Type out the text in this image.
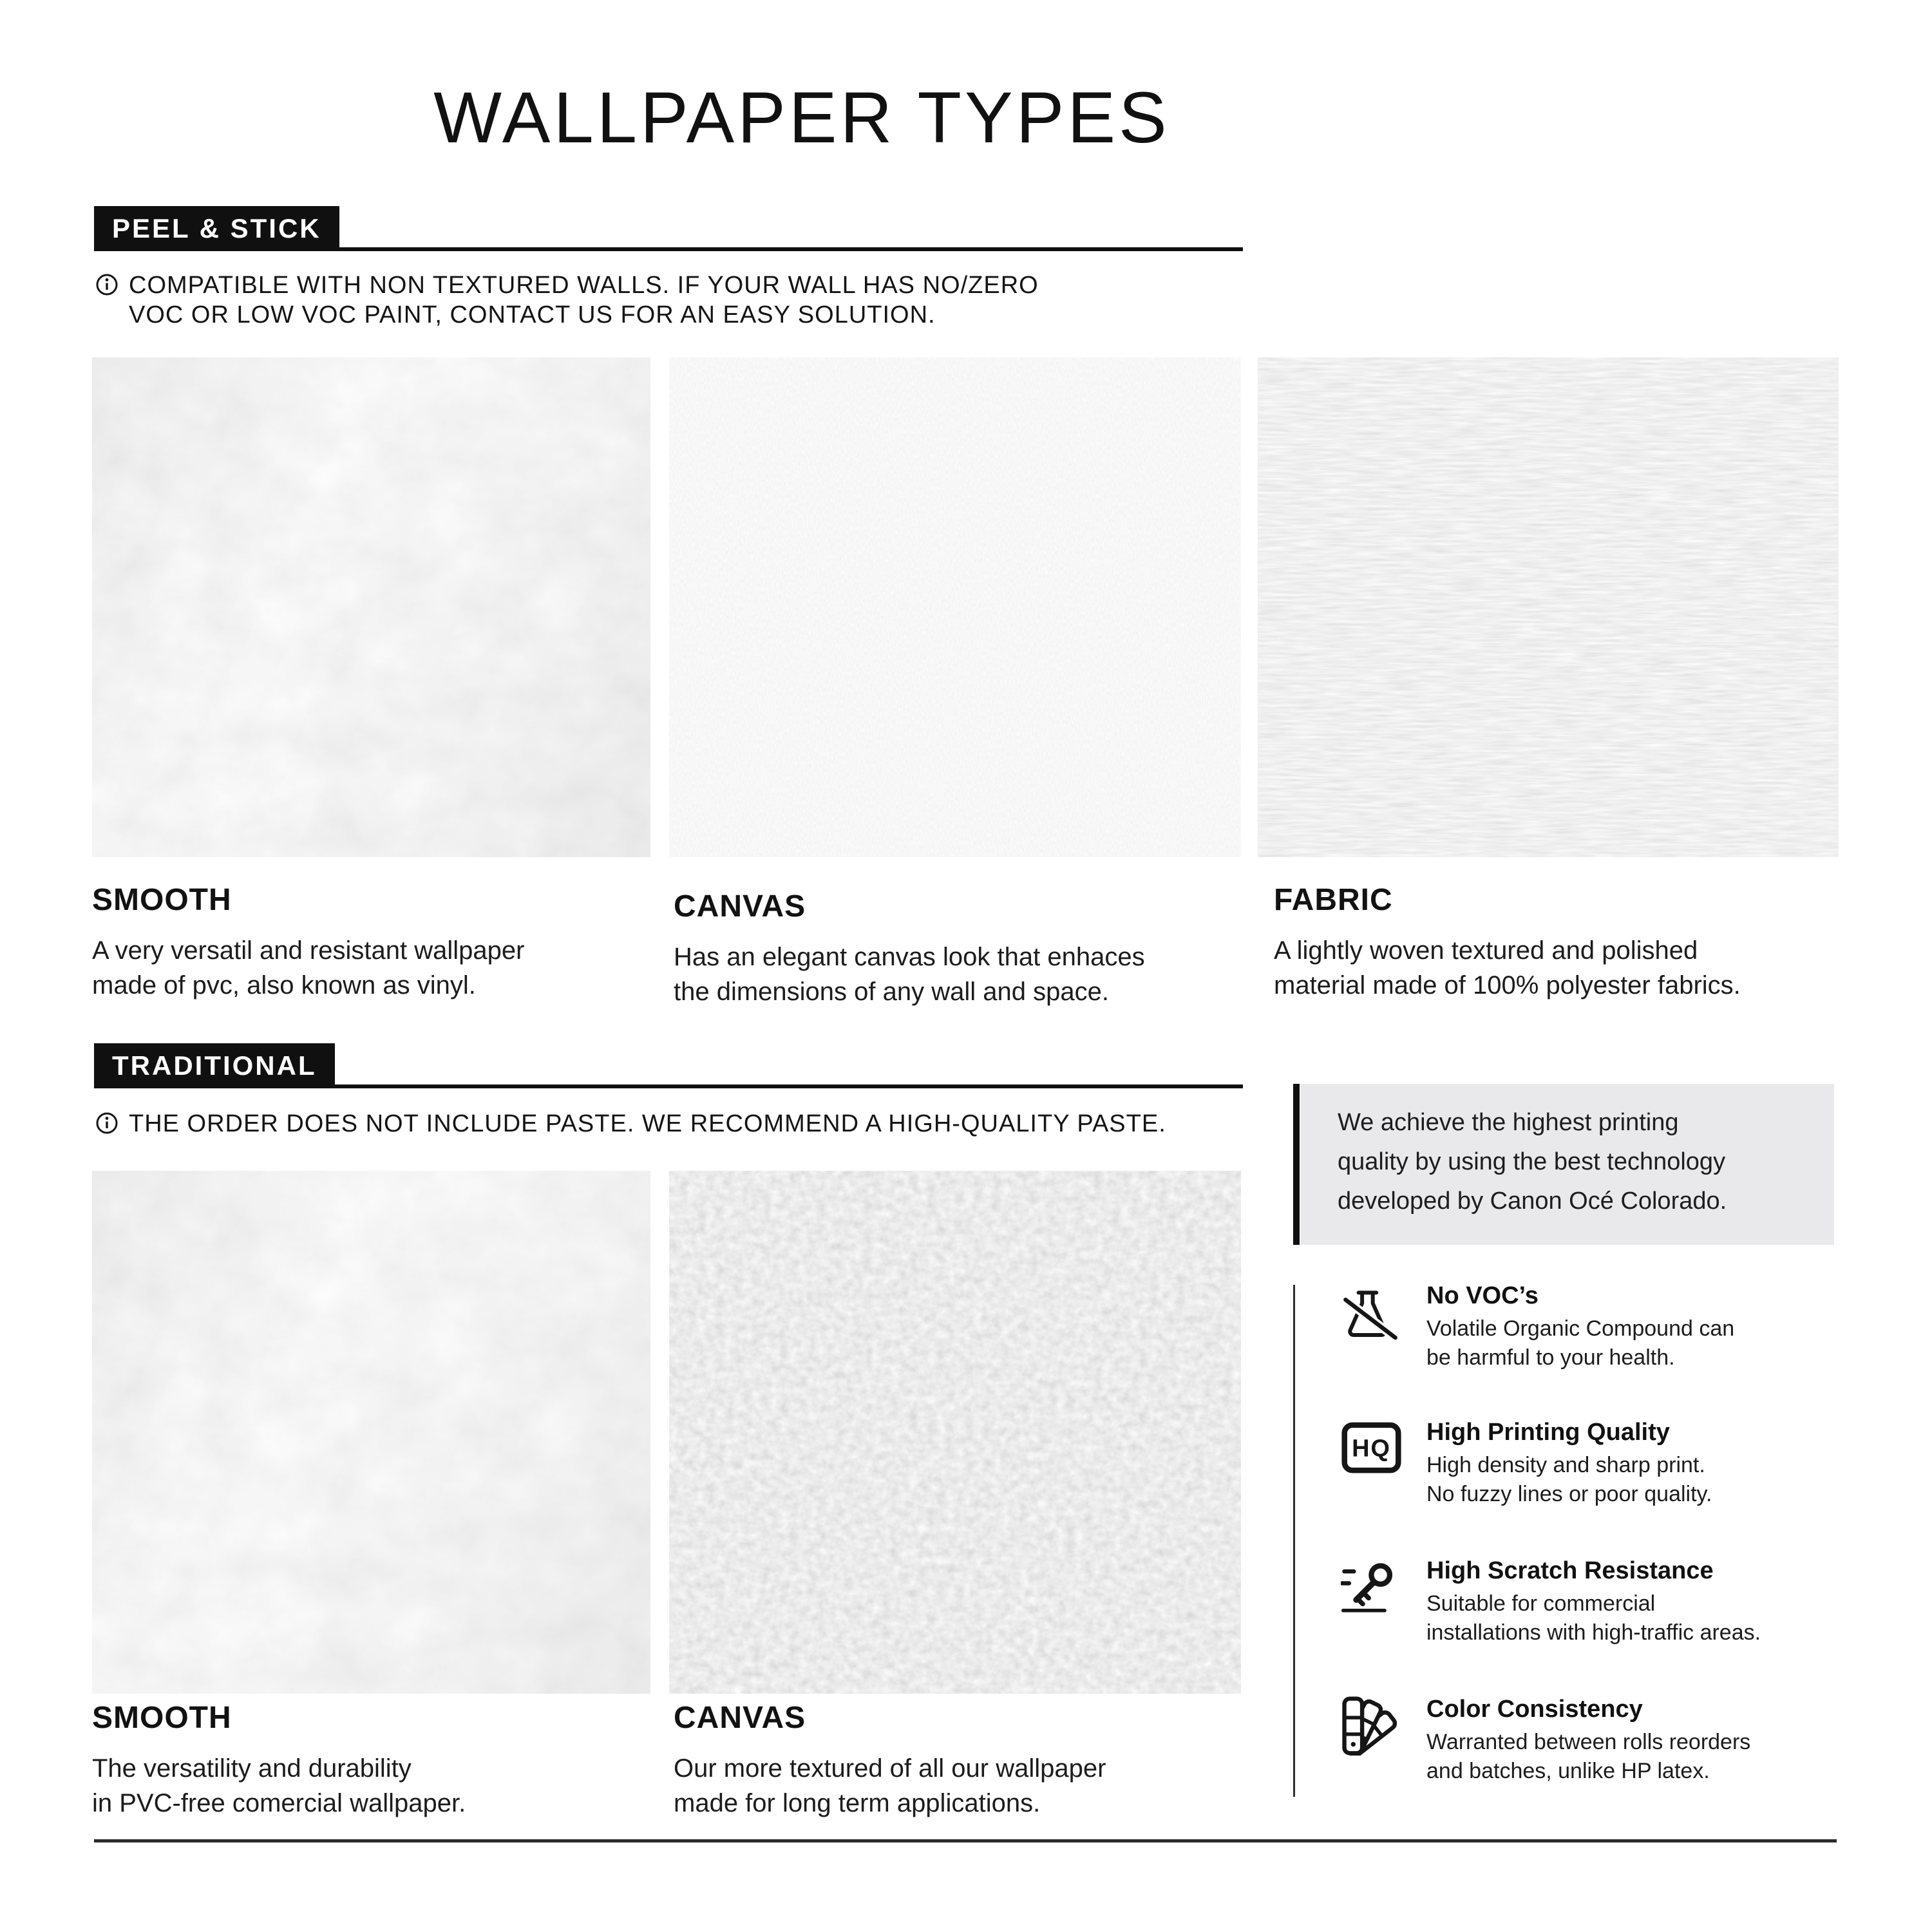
WALLPAPER TYPES
PEEL & STICK
COMPATIBLE WITH NON TEXTURED WALLS. IF YOUR WALL HAS NO/ZERO
VOC OR LOW VOC PAINT, CONTACT US FOR AN EASY SOLUTION.
SMOOTH
A very versatil and resistant wallpaper
made of pvc, also known as vinyl.
CANVAS
Has an elegant canvas look that enhaces
the dimensions of any wall and space.
FABRIC
A lightly woven textured and polished
material made of 100% polyester fabrics.
TRADITIONAL
THE ORDER DOES NOT INCLUDE PASTE. WE RECOMMEND A HIGH-QUALITY PASTE.
SMOOTH
The versatility and durability
in PVC-free comercial wallpaper.
CANVAS
Our more textured of all our wallpaper
made for long term applications.
We achieve the highest printing
quality by using the best technology
developed by Canon Océ Colorado.
No VOC’s
Volatile Organic Compound can
be harmful to your health.
HQ
High Printing Quality
High density and sharp print.
No fuzzy lines or poor quality.
High Scratch Resistance
Suitable for commercial
installations with high-traffic areas.
Color Consistency
Warranted between rolls reorders
and batches, unlike HP latex.
